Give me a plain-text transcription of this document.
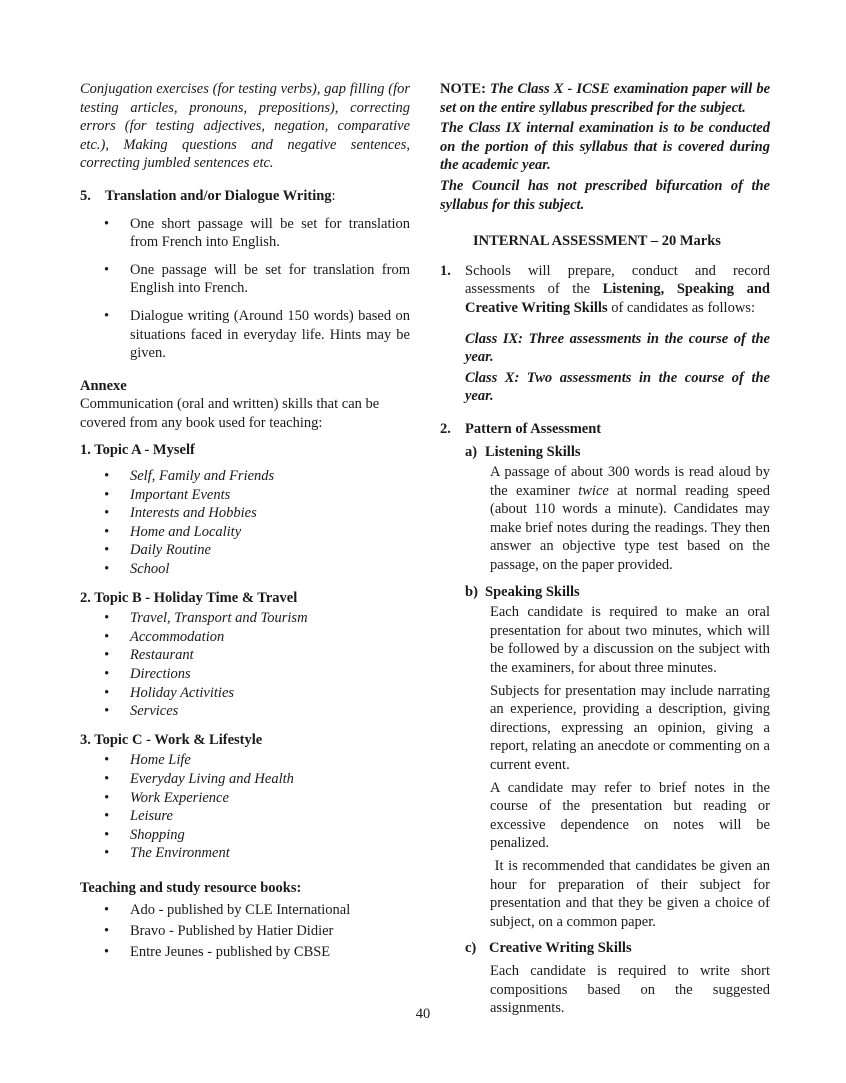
Conjugation exercises (for testing verbs), gap filling (for testing articles, pronouns, prepositions), correcting errors (for testing adjectives, negation, comparative etc.), Making questions and negative sentences, correcting jumbled sentences etc.

5. Translation and/or Dialogue Writing:
• One short passage will be set for translation from French into English.
• One passage will be set for translation from English into French.
• Dialogue writing (Around 150 words) based on situations faced in everyday life. Hints may be given.

Annexe

Communication (oral and written) skills that can be covered from any book used for teaching:

1. Topic A - Myself

• Self, Family and Friends
• Important Events
• Interests and Hobbies
• Home and Locality
• Daily Routine
• School

2. Topic B - Holiday Time & Travel

• Travel, Transport and Tourism
• Accommodation
• Restaurant
• Directions
• Holiday Activities
• Services

3. Topic C - Work & Lifestyle

• Home Life
• Everyday Living and Health
• Work Experience
• Leisure
• Shopping
• The Environment

Teaching and study resource books:

• Ado - published by CLE International
• Bravo - Published by Hatier Didier
• Entre Jeunes - published by CBSE

NOTE: The Class X - ICSE examination paper will be set on the entire syllabus prescribed for the subject.

The Class IX internal examination is to be conducted on the portion of this syllabus that is covered during the academic year.

The Council has not prescribed bifurcation of the syllabus for this subject.

INTERNAL ASSESSMENT – 20 Marks

1. Schools will prepare, conduct and record assessments of the Listening, Speaking and Creative Writing Skills of candidates as follows:

Class IX: Three assessments in the course of the year.

Class X: Two assessments in the course of the year.

2. Pattern of Assessment
a) Listening Skills

A passage of about 300 words is read aloud by the examiner twice at normal reading speed (about 110 words a minute). Candidates may make brief notes during the readings. They then answer an objective type test based on the passage, on the paper provided.

b) Speaking Skills

Each candidate is required to make an oral presentation for about two minutes, which will be followed by a discussion on the subject with the examiners, for about three minutes.

Subjects for presentation may include narrating an experience, providing a description, giving directions, expressing an opinion, giving a report, relating an anecdote or commenting on a current event.

A candidate may refer to brief notes in the course of the presentation but reading or excessive dependence on notes will be penalized.

It is recommended that candidates be given an hour for preparation of their subject for presentation and that they be given a choice of subject, on a common paper.

c) Creative Writing Skills

Each candidate is required to write short compositions based on the suggested assignments.

40
